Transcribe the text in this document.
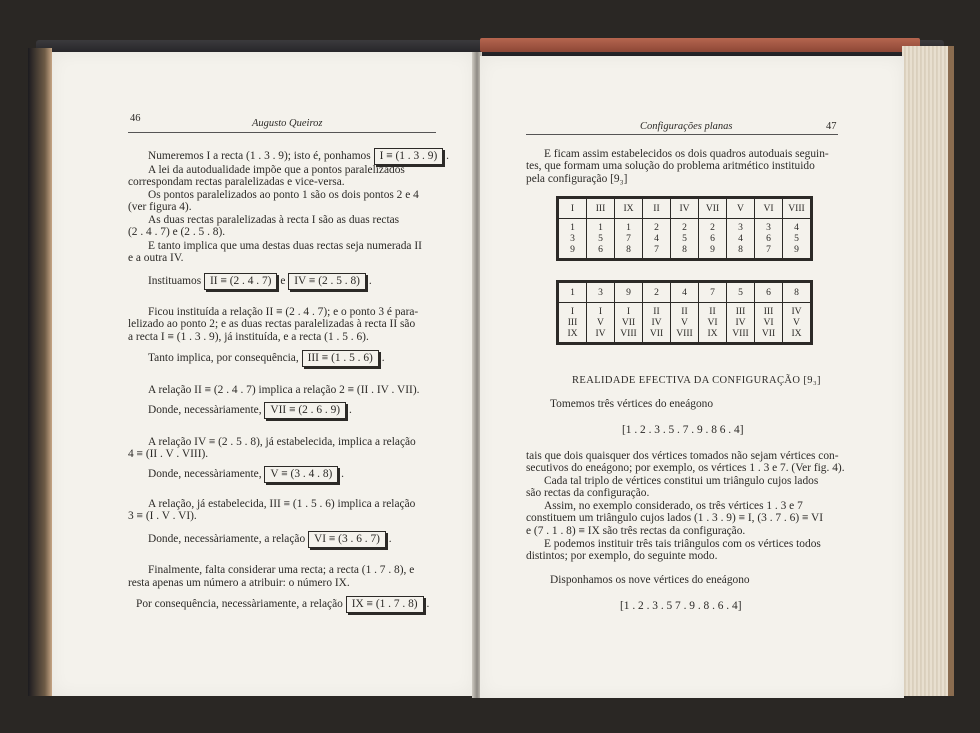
46	Augusto Queiroz
Numeremos I a recta (1 . 3 . 9); isto é, ponhamos I ≡ (1 . 3 . 9) .
A lei da autodualidade impõe que a pontos paralelizados
correspondam rectas paralelizadas e vice-versa.
Os pontos paralelizados ao ponto 1 são os dois pontos 2 e 4
(ver figura 4).
As duas rectas paralelizadas à recta I são as duas rectas
(2 . 4 . 7) e (2 . 5 . 8).
E tanto implica que uma destas duas rectas seja numerada II
e a outra IV.
Instituamos II ≡ (2 . 4 . 7) e IV ≡ (2 . 5 . 8) .
Ficou instituída a relação II ≡ (2 . 4 . 7); e o ponto 3 é para-
lelizado ao ponto 2; e as duas rectas paralelizadas à recta II são
a recta I ≡ (1 . 3 . 9), já instituída, e a recta (1 . 5 . 6).
Tanto implica, por consequência, III ≡ (1 . 5 . 6) .
A relação II ≡ (2 . 4 . 7) implica a relação 2 ≡ (II . IV . VII).
Donde, necessàriamente, VII ≡ (2 . 6 . 9) .
A relação IV ≡ (2 . 5 . 8), já estabelecida, implica a relação
4 ≡ (II . V . VIII).
Donde, necessàriamente, V ≡ (3 . 4 . 8) .
A relação, já estabelecida, III ≡ (1 . 5 . 6) implica a relação
3 ≡ (I . V . VI).
Donde, necessàriamente, a relação VI ≡ (3 . 6 . 7) .
Finalmente, falta considerar uma recta; a recta (1 . 7 . 8), e
resta apenas um número a atribuir: o número IX.
Por consequência, necessàriamente, a relação IX ≡ (1 . 7 . 8) .
Configurações planas	47
E ficam assim estabelecidos os dois quadros autoduais seguin-
tes, que formam uma solução do problema aritmético instituido
pela configuração [9₃]
I	III	IX	II	IV	VII	V	VI	VIII
1
3
9	1
5
6	1
7
8	2
4
7	2
5
8	2
6
9	3
4
8	3
6
7	4
5
9
1	3	9	2	4	7	5	6	8
I
III
IX	I
V
IV	I
VII
VIII	II
IV
VII	II
V
VIII	II
VI
IX	III
IV
VIII	III
VI
VII	IV
V
IX
REALIDADE EFECTIVA DA CONFIGURAÇÃO [9₃]
Tomemos três vértices do eneágono
[1 . 2 . 3 . 5 . 7 . 9 . 8 6 . 4]
tais que dois quaisquer dos vértices tomados não sejam vértices con-
secutivos do eneágono; por exemplo, os vértices 1 . 3 e 7. (Ver fig. 4).
Cada tal triplo de vértices constitui um triângulo cujos lados
são rectas da configuração.
Assim, no exemplo considerado, os três vértices 1 . 3 e 7
constituem um triângulo cujos lados (1 . 3 . 9) ≡ I, (3 . 7 . 6) ≡ VI
e (7 . 1 . 8) ≡ IX são três rectas da configuração.
E podemos instituir três tais triângulos com os vértices todos
distintos; por exemplo, do seguinte modo.
Disponhamos os nove vértices do eneágono
[1 . 2 . 3 . 5 7 . 9 . 8 . 6 . 4]
